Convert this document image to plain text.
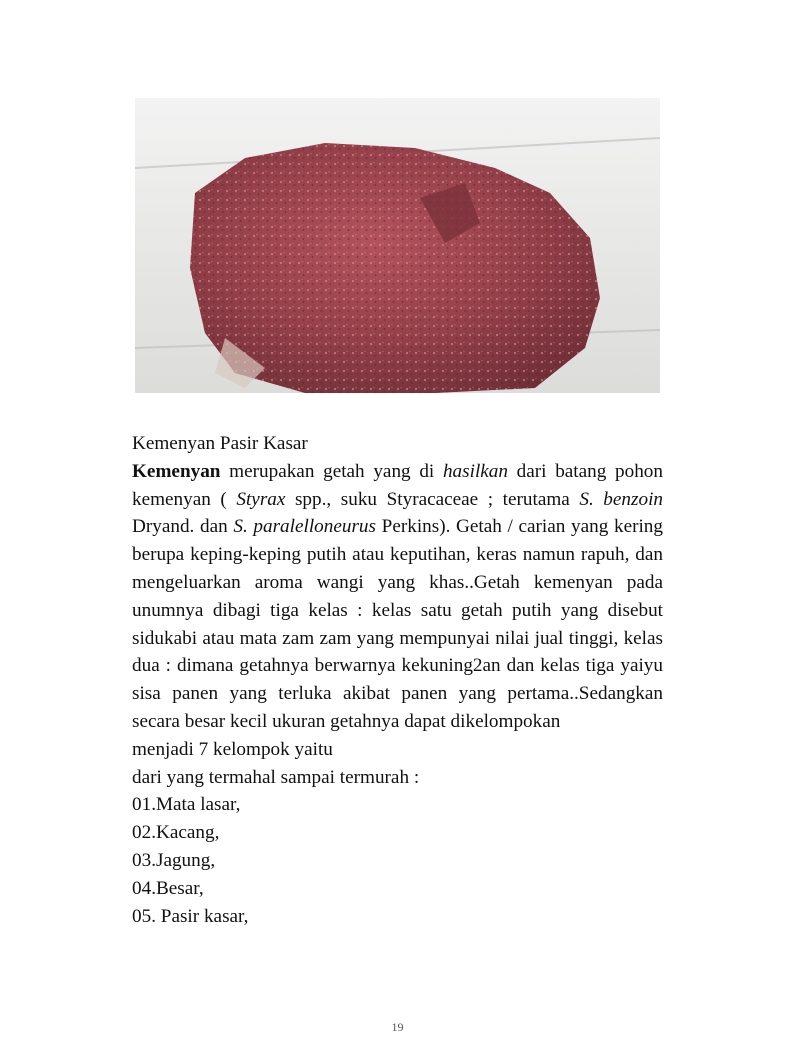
Kemenyan Pasir Kasar

Kemenyan merupakan getah yang di hasilkan dari batang pohon kemenyan ( Styrax spp., suku Styracaceae ; terutama S. benzoin Dryand. dan S. paralelloneurus Perkins). Getah / carian yang kering berupa keping-keping putih atau keputihan, keras namun rapuh, dan mengeluarkan aroma wangi yang khas..Getah kemenyan pada unumnya dibagi tiga kelas : kelas satu getah putih yang disebut sidukabi atau mata zam zam yang mempunyai nilai jual tinggi, kelas dua : dimana getahnya berwarnya kekuning2an dan kelas tiga yaiyu sisa panen yang terluka akibat panen yang pertama..Sedangkan secara besar kecil ukuran getahnya dapat dikelompokan

menjadi 7 kelompok yaitu

dari yang termahal sampai termurah :

01.Mata lasar,
02.Kacang,
03.Jagung,
04.Besar,
05. Pasir kasar,
19
